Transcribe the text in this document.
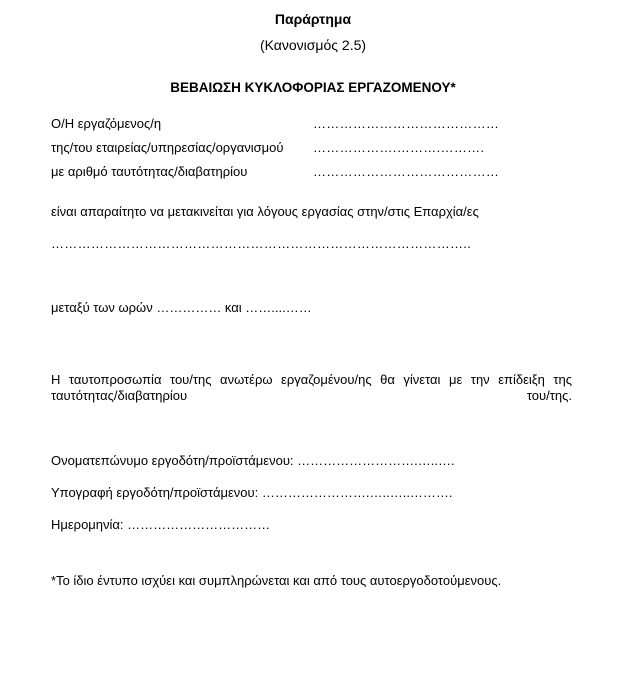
Παράρτημα
(Κανονισμός 2.5)
ΒΕΒΑΙΩΣΗ ΚΥΚΛΟΦΟΡΙΑΣ ΕΡΓΑΖΟΜΕΝΟΥ*
Ο/Η εργαζόμενος/η	……………………………………
της/του εταιρείας/υπηρεσίας/οργανισμού ……………….……….……….
με αριθμό ταυτότητας/διαβατηρίου	……………………………………
είναι απαραίτητο να μετακινείται για λόγους εργασίας στην/στις Επαρχία/ες
…………………………………………………………………………………..
μεταξύ των ωρών …………… και ……....……
Η ταυτοπροσωπία του/της ανωτέρω εργαζομένου/ης θα γίνεται με την επίδειξη της ταυτότητας/διαβατηρίου του/της.
Ονοματεπώνυμο εργοδότη/προϊστάμενου: ……………………….…..….
Υπογραφή εργοδότη/προϊστάμενου: …………………….…..…..……….
Ημερομηνία: ……………………………
*Το ίδιο έντυπο ισχύει και συμπληρώνεται και από τους αυτοεργοδοτούμενους.
